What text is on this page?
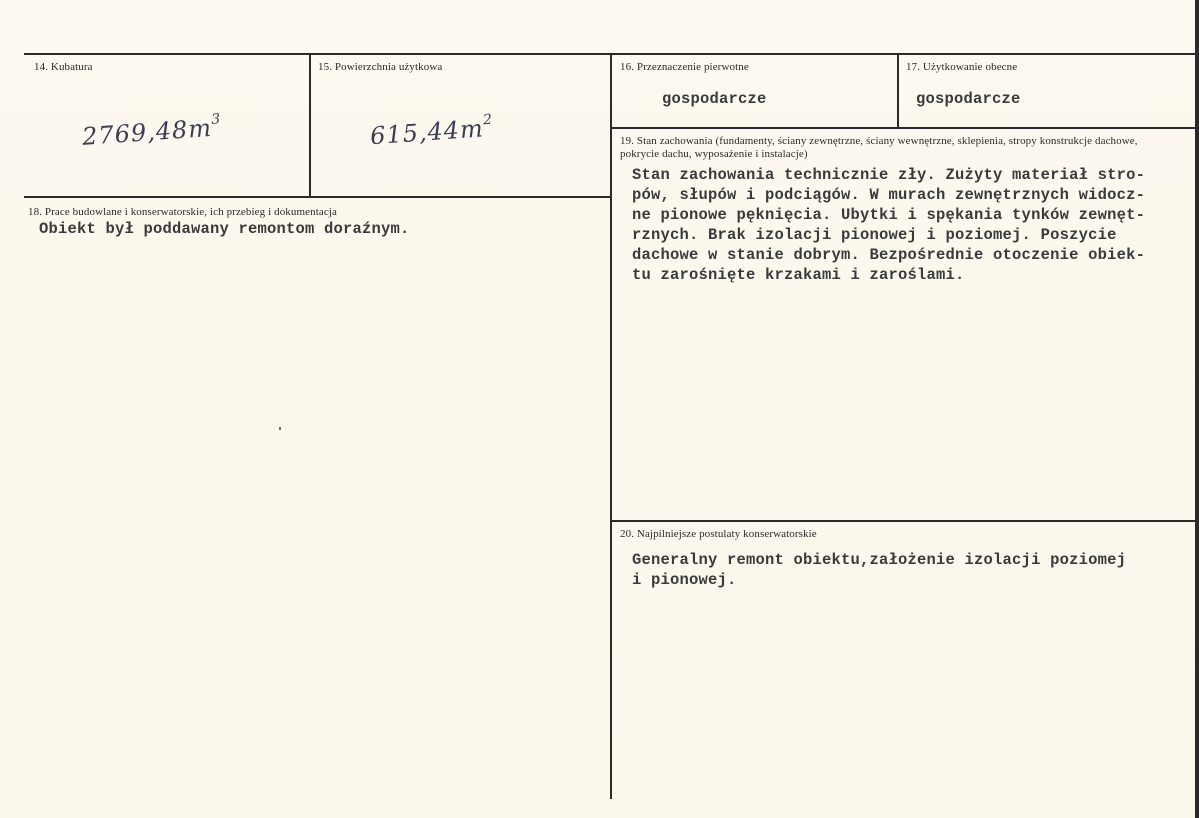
14. Kubatura
$2769,48m^3$
15. Powierzchnia użytkowa
$615,44m^2$
16. Przeznaczenie pierwotne
gospodarcze
17. Użytkowanie obecne
gospodarcze
18. Prace budowlane i konserwatorskie, ich przebieg i dokumentacja
Obiekt był poddawany remontom doraźnym.
19. Stan zachowania (fundamenty, ściany zewnętrzne, ściany wewnętrzne, sklepienia, stropy konstrukcje dachowe, pokrycie dachu, wyposażenie i instalacje)
Stan zachowania technicznie zły. Zużyty materiał stro-
pów, słupów i podciągów. W murach zewnętrznych widocz-
ne pionowe pęknięcia. Ubytki i spękania tynków zewnęt-
rznych. Brak izolacji pionowej i poziomej. Poszycie
dachowe w stanie dobrym. Bezpośrednie otoczenie obiek-
tu zarośnięte krzakami i zaroślami.
20. Najpilniejsze postulaty konserwatorskie
Generalny remont obiektu,założenie izolacji poziomej
i pionowej.
